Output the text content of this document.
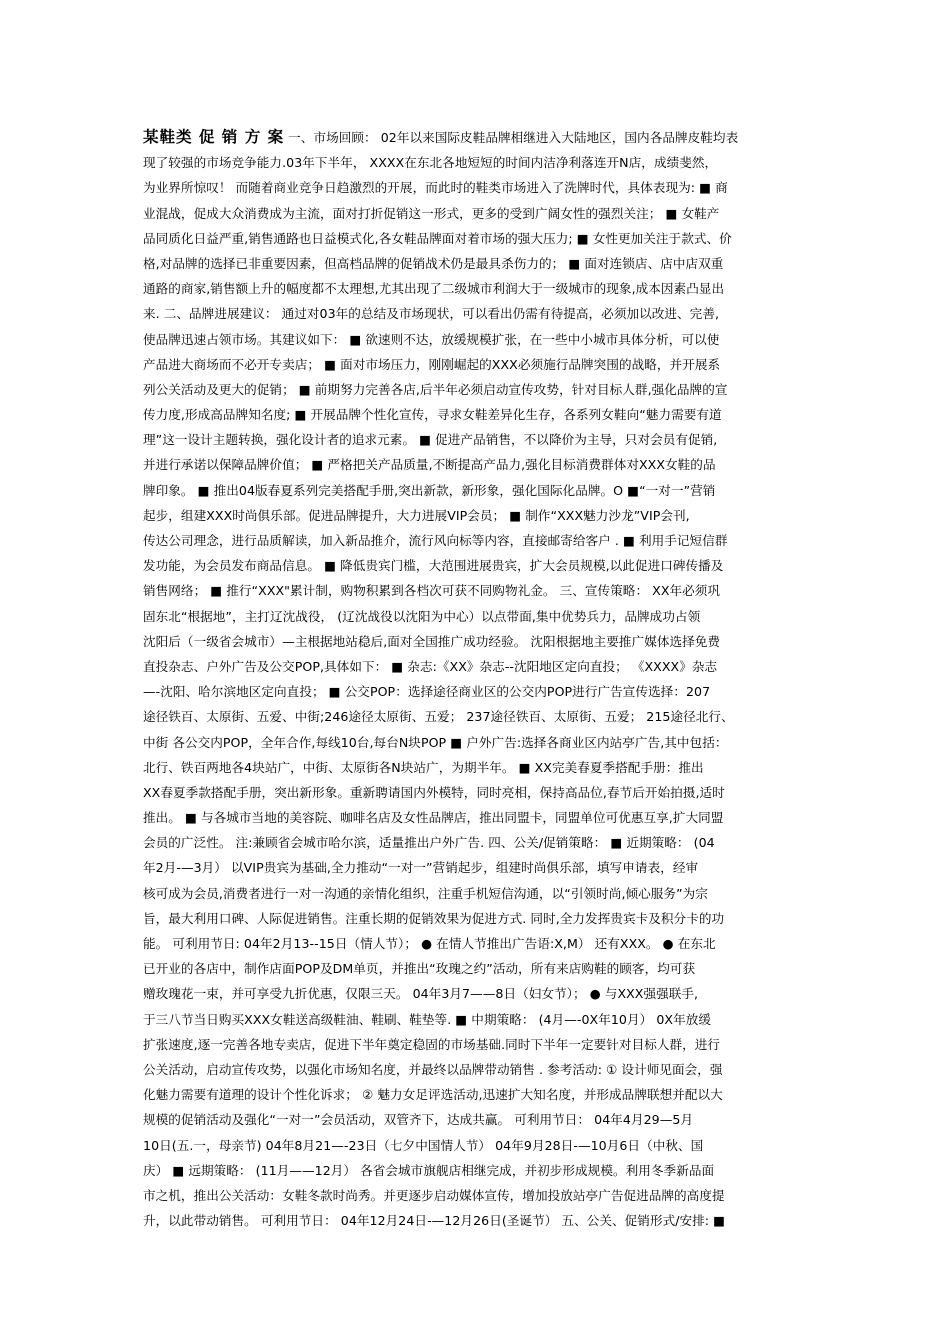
某鞋类 促 销 方 案 一、市场回顾： 02年以来国际皮鞋品牌相继进入大陆地区，国内各品牌皮鞋均表
现了较强的市场竞争能力.03年下半年， XXXX在东北各地短短的时间内洁净利落连开N店，成绩斐然，
为业界所惊叹！ 而随着商业竞争日趋激烈的开展，而此时的鞋类市场进入了洗牌时代，具体表现为: ■ 商
业混战，促成大众消费成为主流，面对打折促销这一形式，更多的受到广阔女性的强烈关注； ■ 女鞋产
品同质化日益严重,销售通路也日益模式化,各女鞋品牌面对着市场的强大压力; ■ 女性更加关注于款式、价
格,对品牌的选择已非重要因素，但高档品牌的促销战术仍是最具杀伤力的； ■ 面对连锁店、店中店双重
通路的商家,销售额上升的幅度都不太理想,尤其出现了二级城市利润大于一级城市的现象,成本因素凸显出
来. 二、品牌进展建议： 通过对03年的总结及市场现状，可以看出仍需有待提高，必须加以改进、完善,
使品牌迅速占领市场。其建议如下： ■ 欲速则不达，放缓规模扩张，在一些中小城市具体分析，可以使
产品进大商场而不必开专卖店； ■ 面对市场压力，刚刚崛起的XXX必须施行品牌突围的战略，并开展系
列公关活动及更大的促销； ■ 前期努力完善各店,后半年必须启动宣传攻势，针对目标人群,强化品牌的宣
传力度,形成高品牌知名度; ■ 开展品牌个性化宣传，寻求女鞋差异化生存，各系列女鞋向“魅力需要有道
理”这一设计主题转换，强化设计者的追求元素。 ■ 促进产品销售，不以降价为主导，只对会员有促销,
并进行承诺以保障品牌价值； ■ 严格把关产品质量,不断提高产品力,强化目标消费群体对XXX女鞋的品
牌印象。 ■ 推出04版春夏系列完美搭配手册,突出新款，新形象，强化国际化品牌。O ■“一对一”营销
起步，组建XXX时尚俱乐部。促进品牌提升，大力进展VIP会员； ■ 制作“XXX魅力沙龙”VIP会刊,
传达公司理念，进行品质解读，加入新品推介，流行风向标等内容，直接邮寄给客户 . ■ 利用手记短信群
发功能，为会员发布商品信息。 ■ 降低贵宾门槛，大范围进展贵宾，扩大会员规模,以此促进口碑传播及
销售网络； ■ 推行“XXX"累计制，购物积累到各档次可获不同购物礼金。 三、宣传策略： XX年必须巩
固东北“根据地”，主打辽沈战役， (辽沈战役以沈阳为中心）以点带面,集中优势兵力，品牌成功占领
沈阳后（一级省会城市）—主根据地站稳后,面对全国推广成功经验。 沈阳根据地主要推广媒体选择免费
直投杂志、户外广告及公交POP,具体如下： ■ 杂志:《XX》杂志--沈阳地区定向直投； 《XXXX》杂志
—-沈阳、哈尔滨地区定向直投； ■ 公交POP：选择途径商业区的公交内POP进行广告宣传选择：207
途径铁百、太原街、五爱、中街;246途径太原街、五爱； 237途径铁百、太原街、五爱； 215途径北行、
中街 各公交内POP，全年合作,每线10台,每台N块POP ■ 户外广告:选择各商业区内站亭广告,其中包括：
北行、铁百两地各4块站广，中街、太原街各N块站广，为期半年。 ■ XX完美春夏季搭配手册：推出
XX春夏季款搭配手册，突出新形象。重新聘请国内外模特，同时亮相，保持高品位,春节后开始拍摄,适时
推出。 ■ 与各城市当地的美容院、咖啡名店及女性品牌店，推出同盟卡，同盟单位可优惠互享,扩大同盟
会员的广泛性。 注:兼顾省会城市哈尔滨，适量推出户外广告. 四、公关/促销策略： ■ 近期策略： (04
年2月-—3月） 以VIP贵宾为基础,全力推动“一对一”营销起步，组建时尚俱乐部，填写申请表，经审
核可成为会员,消费者进行一对一沟通的亲情化组织，注重手机短信沟通，以“引领时尚,倾心服务”为宗
旨，最大利用口碑、人际促进销售。注重长期的促销效果为促进方式. 同时,全力发挥贵宾卡及积分卡的功
能。 可利用节日: 04年2月13--15日（情人节）； ● 在情人节推出广告语:X,M） 还有XXX。 ● 在东北
已开业的各店中，制作店面POP及DM单页，并推出“玫瑰之约”活动，所有来店购鞋的顾客，均可获
赠玫瑰花一束，并可享受九折优惠，仅限三天。 04年3月7——8日（妇女节）； ● 与XXX强强联手,
于三八节当日购买XXX女鞋送高级鞋油、鞋刷、鞋垫等. ■ 中期策略： (4月—-0X年10月） 0X年放缓
扩张速度,逐一完善各地专卖店，促进下半年奠定稳固的市场基础.同时下半年一定要针对目标人群，进行
公关活动，启动宣传攻势，以强化市场知名度，并最终以品牌带动销售 . 参考活动: ① 设计师见面会，强
化魅力需要有道理的设计个性化诉求； ② 魅力女足评选活动,迅速扩大知名度，并形成品牌联想并配以大
规模的促销活动及强化“一对一”会员活动，双管齐下，达成共赢。 可利用节日： 04年4月29—5月
10日(五.一，母亲节) 04年8月21—-23日（七夕中国情人节） 04年9月28日-—10月6日（中秋、国
庆） ■ 远期策略： (11月——12月） 各省会城市旗舰店相继完成，并初步形成规模。利用冬季新品面
市之机，推出公关活动：女鞋冬款时尚秀。并更逐步启动媒体宣传，增加投放站亭广告促进品牌的高度提
升，以此带动销售。 可利用节日： 04年12月24日-—12月26日(圣诞节） 五、公关、促销形式/安排: ■
